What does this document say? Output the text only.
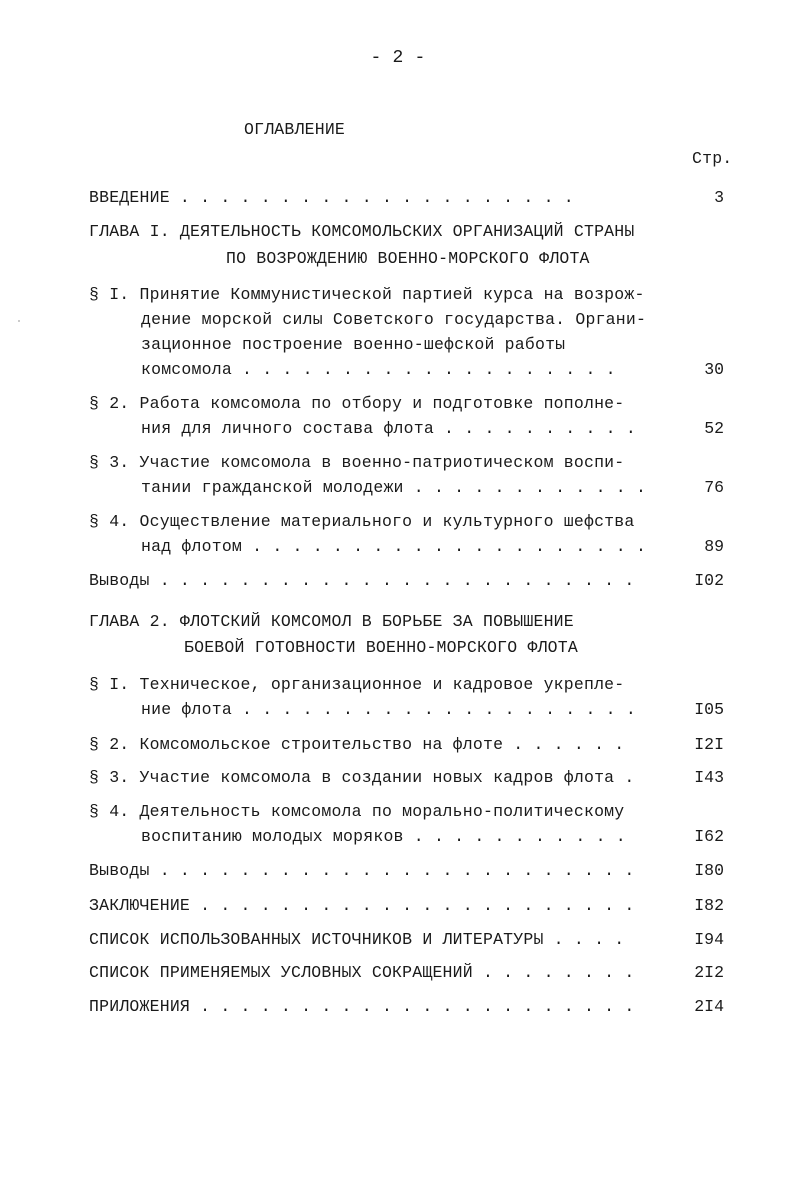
- 2 -
ОГЛАВЛЕНИЕ
Стр.
ВВЕДЕНИЕ . . . . . . . . . . . . . . . . . . . .	3
ГЛАВА I. ДЕЯТЕЛЬНОСТЬ КОМСОМОЛЬСКИХ ОРГАНИЗАЦИЙ СТРАНЫ
ПО ВОЗРОЖДЕНИЮ ВОЕННО-МОРСКОГО ФЛОТА
§ I. Принятие Коммунистической партией курса на возрож-
дение морской силы Советского государства. Органи-
зационное построение военно-шефской работы
комсомола . . . . . . . . . . . . . . . . . . .	30
§ 2. Работа комсомола по отбору и подготовке пополне-
ния для личного состава флота . . . . . . . . . .	52
§ 3. Участие комсомола в военно-патриотическом воспи-
тании гражданской молодежи . . . . . . . . . . . .	76
§ 4. Осуществление материального и культурного шефства
над флотом . . . . . . . . . . . . . . . . . . . .	89
Выводы . . . . . . . . . . . . . . . . . . . . . . . .	I02
ГЛАВА 2. ФЛОТСКИЙ КОМСОМОЛ В БОРЬБЕ ЗА ПОВЫШЕНИЕ
БОЕВОЙ ГОТОВНОСТИ ВОЕННО-МОРСКОГО ФЛОТА
§ I. Техническое, организационное и кадровое укрепле-
ние флота . . . . . . . . . . . . . . . . . . . .	I05
§ 2. Комсомольское строительство на флоте . . . . . .	I2I
§ 3. Участие комсомола в создании новых кадров флота .	I43
§ 4. Деятельность комсомола по морально-политическому
воспитанию молодых моряков . . . . . . . . . . .	I62
Выводы . . . . . . . . . . . . . . . . . . . . . . . .	I80
ЗАКЛЮЧЕНИЕ . . . . . . . . . . . . . . . . . . . . . .	I82
СПИСОК ИСПОЛЬЗОВАННЫХ ИСТОЧНИКОВ И ЛИТЕРАТУРЫ . . . .	I94
СПИСОК ПРИМЕНЯЕМЫХ УСЛОВНЫХ СОКРАЩЕНИЙ . . . . . . . .	2I2
ПРИЛОЖЕНИЯ . . . . . . . . . . . . . . . . . . . . . .	2I4
